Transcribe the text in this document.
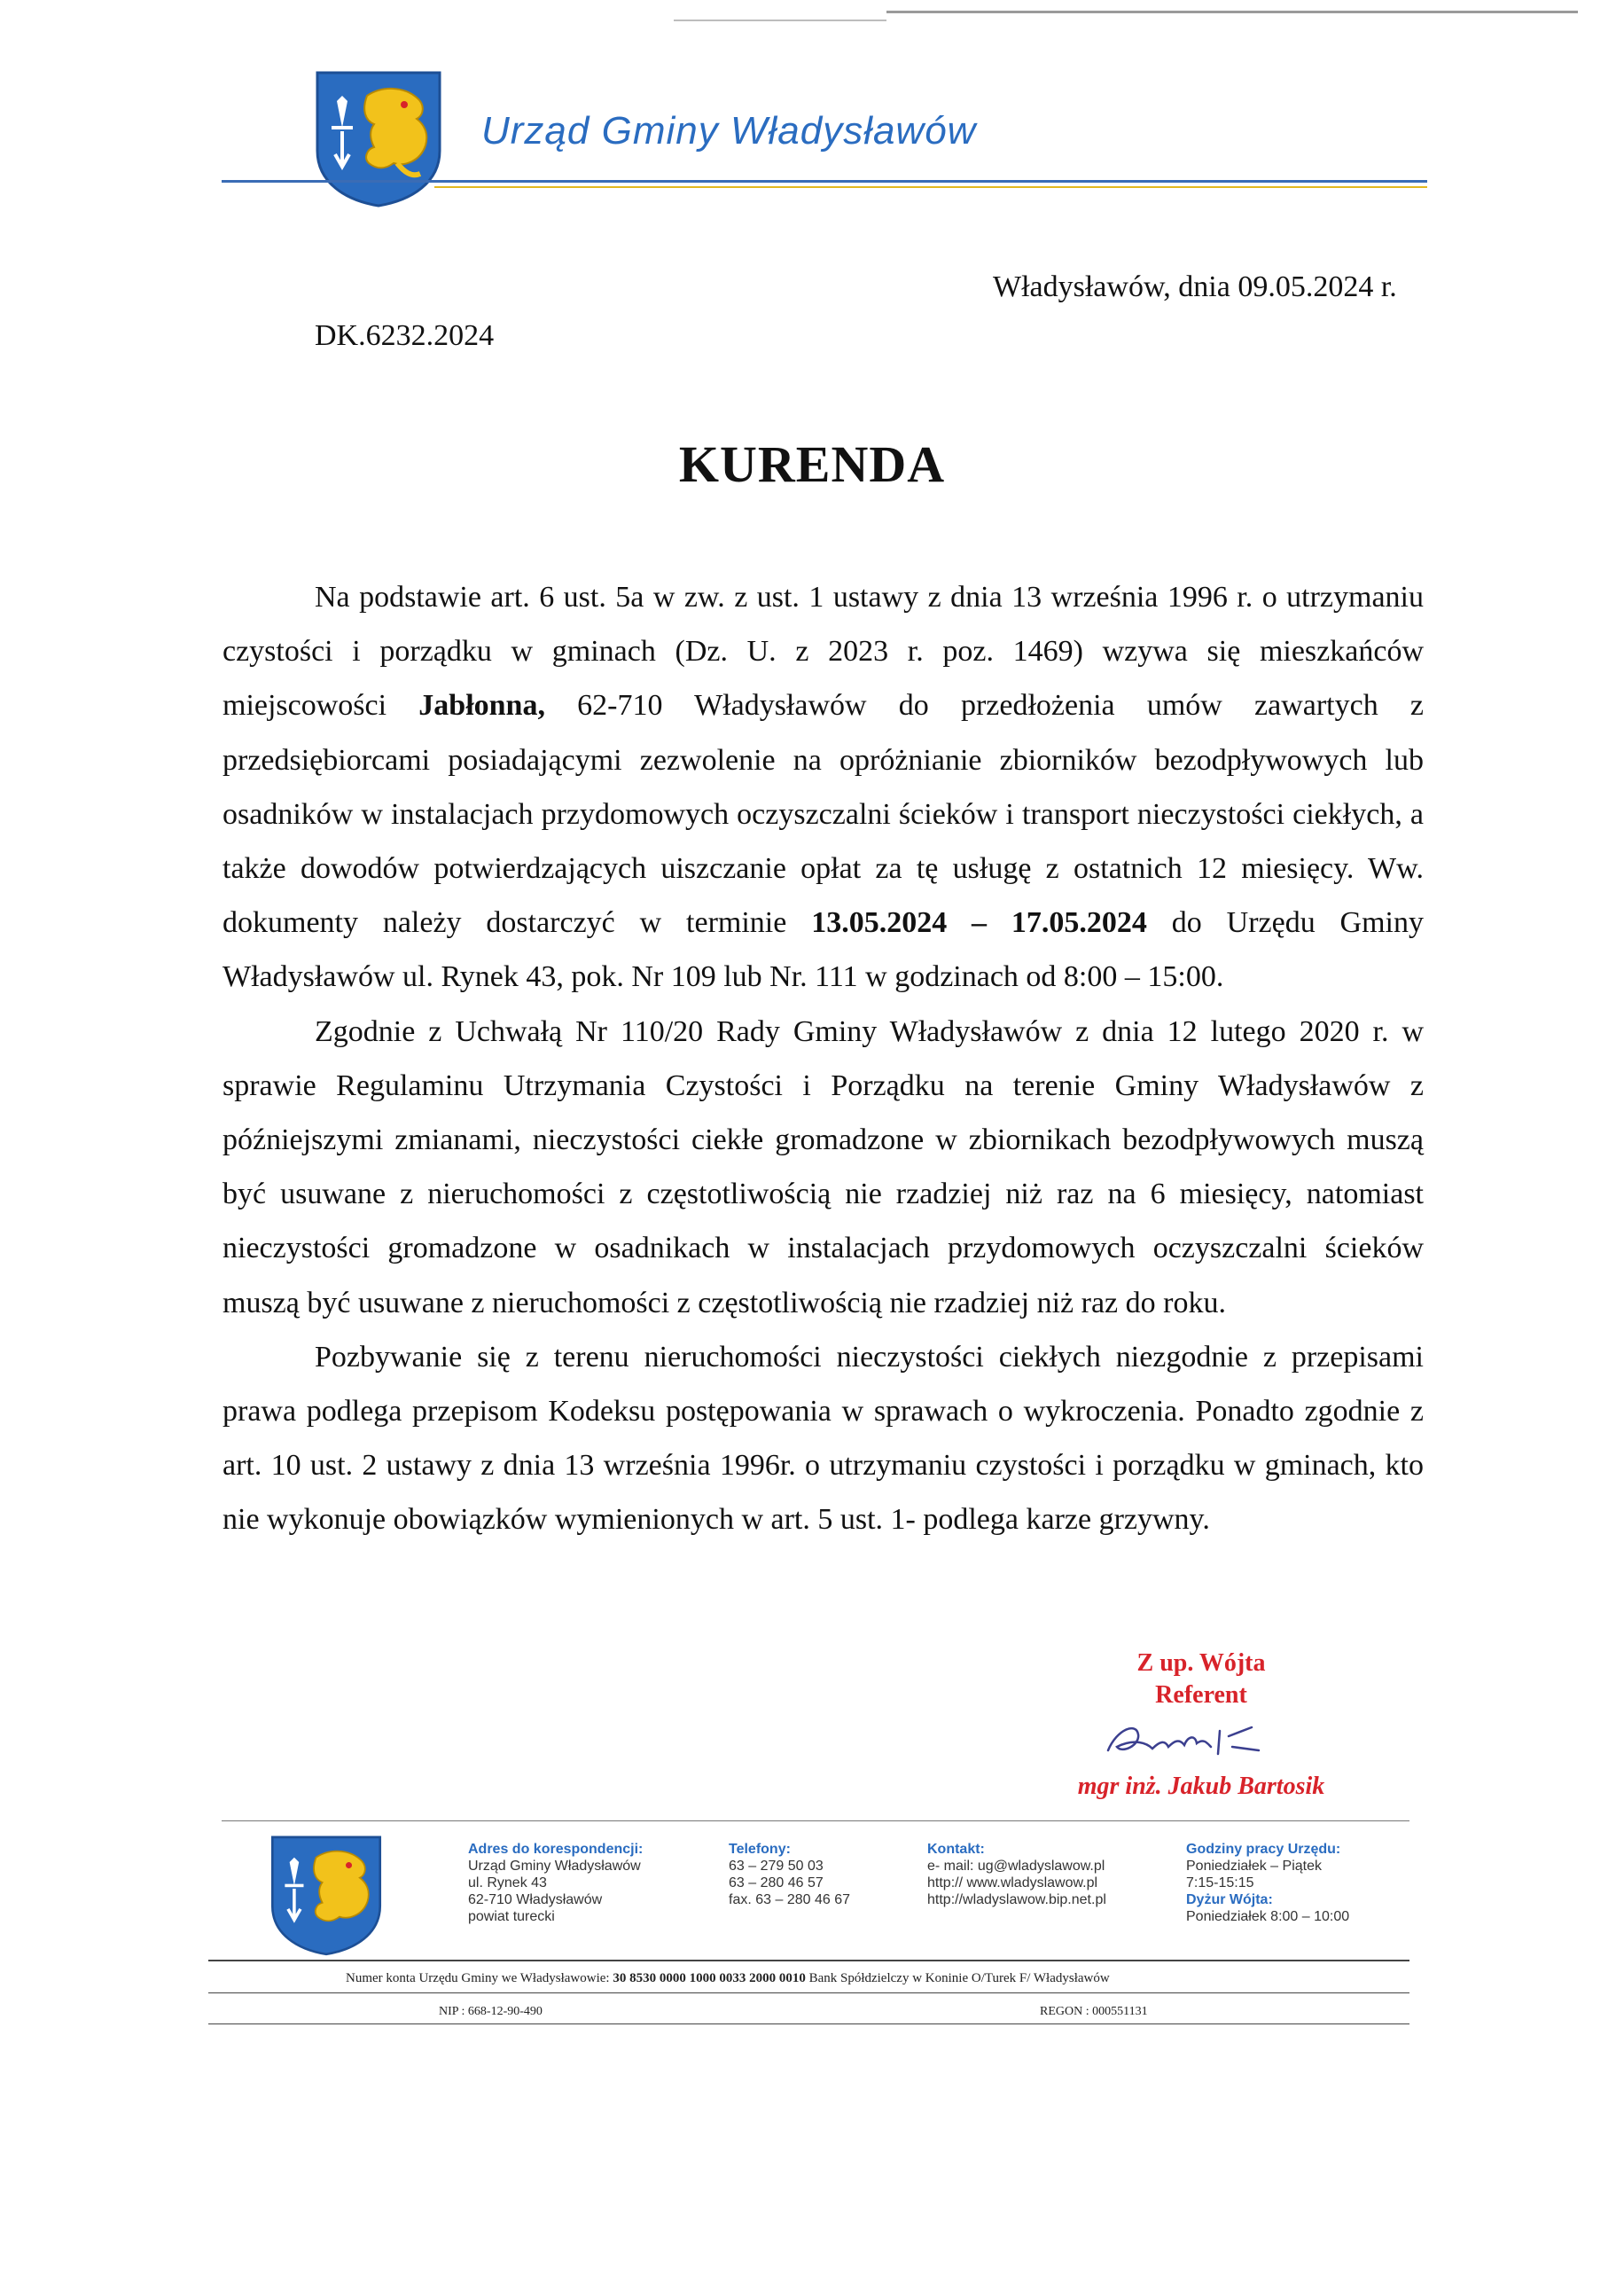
Urząd Gminy Władysławów
Władysławów, dnia 09.05.2024 r.
DK.6232.2024
KURENDA

Na podstawie art. 6 ust. 5a w zw. z ust. 1 ustawy z dnia 13 września 1996 r. o utrzymaniu czystości i porządku w gminach (Dz. U. z 2023 r. poz. 1469) wzywa się mieszkańców miejscowości Jabłonna, 62-710 Władysławów do przedłożenia umów zawartych z przedsiębiorcami posiadającymi zezwolenie na opróżnianie zbiorników bezodpływowych lub osadników w instalacjach przydomowych oczyszczalni ścieków i transport nieczystości ciekłych, a także dowodów potwierdzających uiszczanie opłat za tę usługę z ostatnich 12 miesięcy. Ww. dokumenty należy dostarczyć w terminie 13.05.2024 – 17.05.2024 do Urzędu Gminy Władysławów ul. Rynek 43, pok. Nr 109 lub Nr. 111 w godzinach od 8:00 – 15:00.

Zgodnie z Uchwałą Nr 110/20 Rady Gminy Władysławów z dnia 12 lutego 2020 r. w sprawie Regulaminu Utrzymania Czystości i Porządku na terenie Gminy Władysławów z późniejszymi zmianami, nieczystości ciekłe gromadzone w zbiornikach bezodpływowych muszą być usuwane z nieruchomości z częstotliwością nie rzadziej niż raz na 6 miesięcy, natomiast nieczystości gromadzone w osadnikach w instalacjach przydomowych oczyszczalni ścieków muszą być usuwane z nieruchomości z częstotliwością nie rzadziej niż raz do roku.

Pozbywanie się z terenu nieruchomości nieczystości ciekłych niezgodnie z przepisami prawa podlega przepisom Kodeksu postępowania w sprawach o wykroczenia. Ponadto zgodnie z art. 10 ust. 2 ustawy z dnia 13 września 1996r. o utrzymaniu czystości i porządku w gminach, kto nie wykonuje obowiązków wymienionych w art. 5 ust. 1- podlega karze grzywny.

Z up. Wójta
Referent
mgr inż. Jakub Bartosik
Adres do korespondencji:
Urząd Gminy Władysławów
ul. Rynek 43
62-710 Władysławów
powiat turecki
Telefony:
63 – 279 50 03
63 – 280 46 57
fax. 63 – 280 46 67
Kontakt:
e- mail: ug@wladyslawow.pl
http:// www.wladyslawow.pl
http://wladyslawow.bip.net.pl
Godziny pracy Urzędu:
Poniedziałek – Piątek
7:15-15:15
Dyżur Wójta:
Poniedziałek 8:00 – 10:00
Numer konta Urzędu Gminy we Władysławowie: 30 8530 0000 1000 0033 2000 0010 Bank Spółdzielczy w Koninie O/Turek F/ Władysławów
NIP : 668-12-90-490	REGON : 000551131
